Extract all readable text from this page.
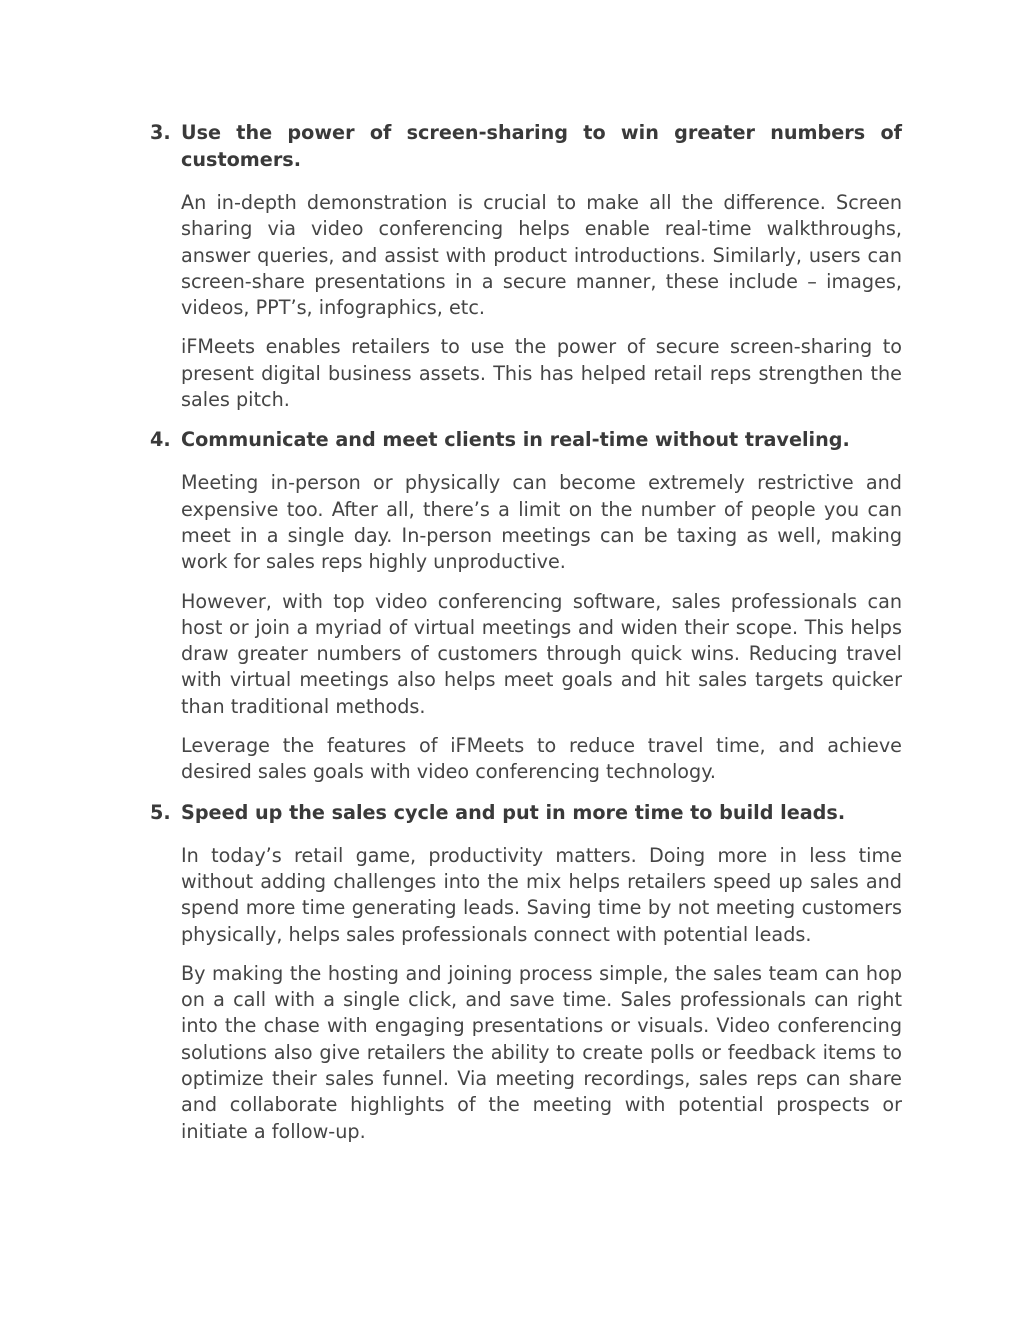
3. Use the power of screen-sharing to win greater numbers of customers.

An in-depth demonstration is crucial to make all the difference. Screen sharing via video conferencing helps enable real-time walkthroughs, answer queries, and assist with product introductions. Similarly, users can screen-share presentations in a secure manner, these include – images, videos, PPT’s, infographics, etc.

iFMeets enables retailers to use the power of secure screen-sharing to present digital business assets. This has helped retail reps strengthen the sales pitch.

4. Communicate and meet clients in real-time without traveling.

Meeting in-person or physically can become extremely restrictive and expensive too. After all, there’s a limit on the number of people you can meet in a single day. In-person meetings can be taxing as well, making work for sales reps highly unproductive.

However, with top video conferencing software, sales professionals can host or join a myriad of virtual meetings and widen their scope. This helps draw greater numbers of customers through quick wins. Reducing travel with virtual meetings also helps meet goals and hit sales targets quicker than traditional methods.

Leverage the features of iFMeets to reduce travel time, and achieve desired sales goals with video conferencing technology.

5. Speed up the sales cycle and put in more time to build leads.

In today’s retail game, productivity matters. Doing more in less time without adding challenges into the mix helps retailers speed up sales and spend more time generating leads. Saving time by not meeting customers physically, helps sales professionals connect with potential leads.

By making the hosting and joining process simple, the sales team can hop on a call with a single click, and save time. Sales professionals can right into the chase with engaging presentations or visuals. Video conferencing solutions also give retailers the ability to create polls or feedback items to optimize their sales funnel. Via meeting recordings, sales reps can share and collaborate highlights of the meeting with potential prospects or initiate a follow-up.
